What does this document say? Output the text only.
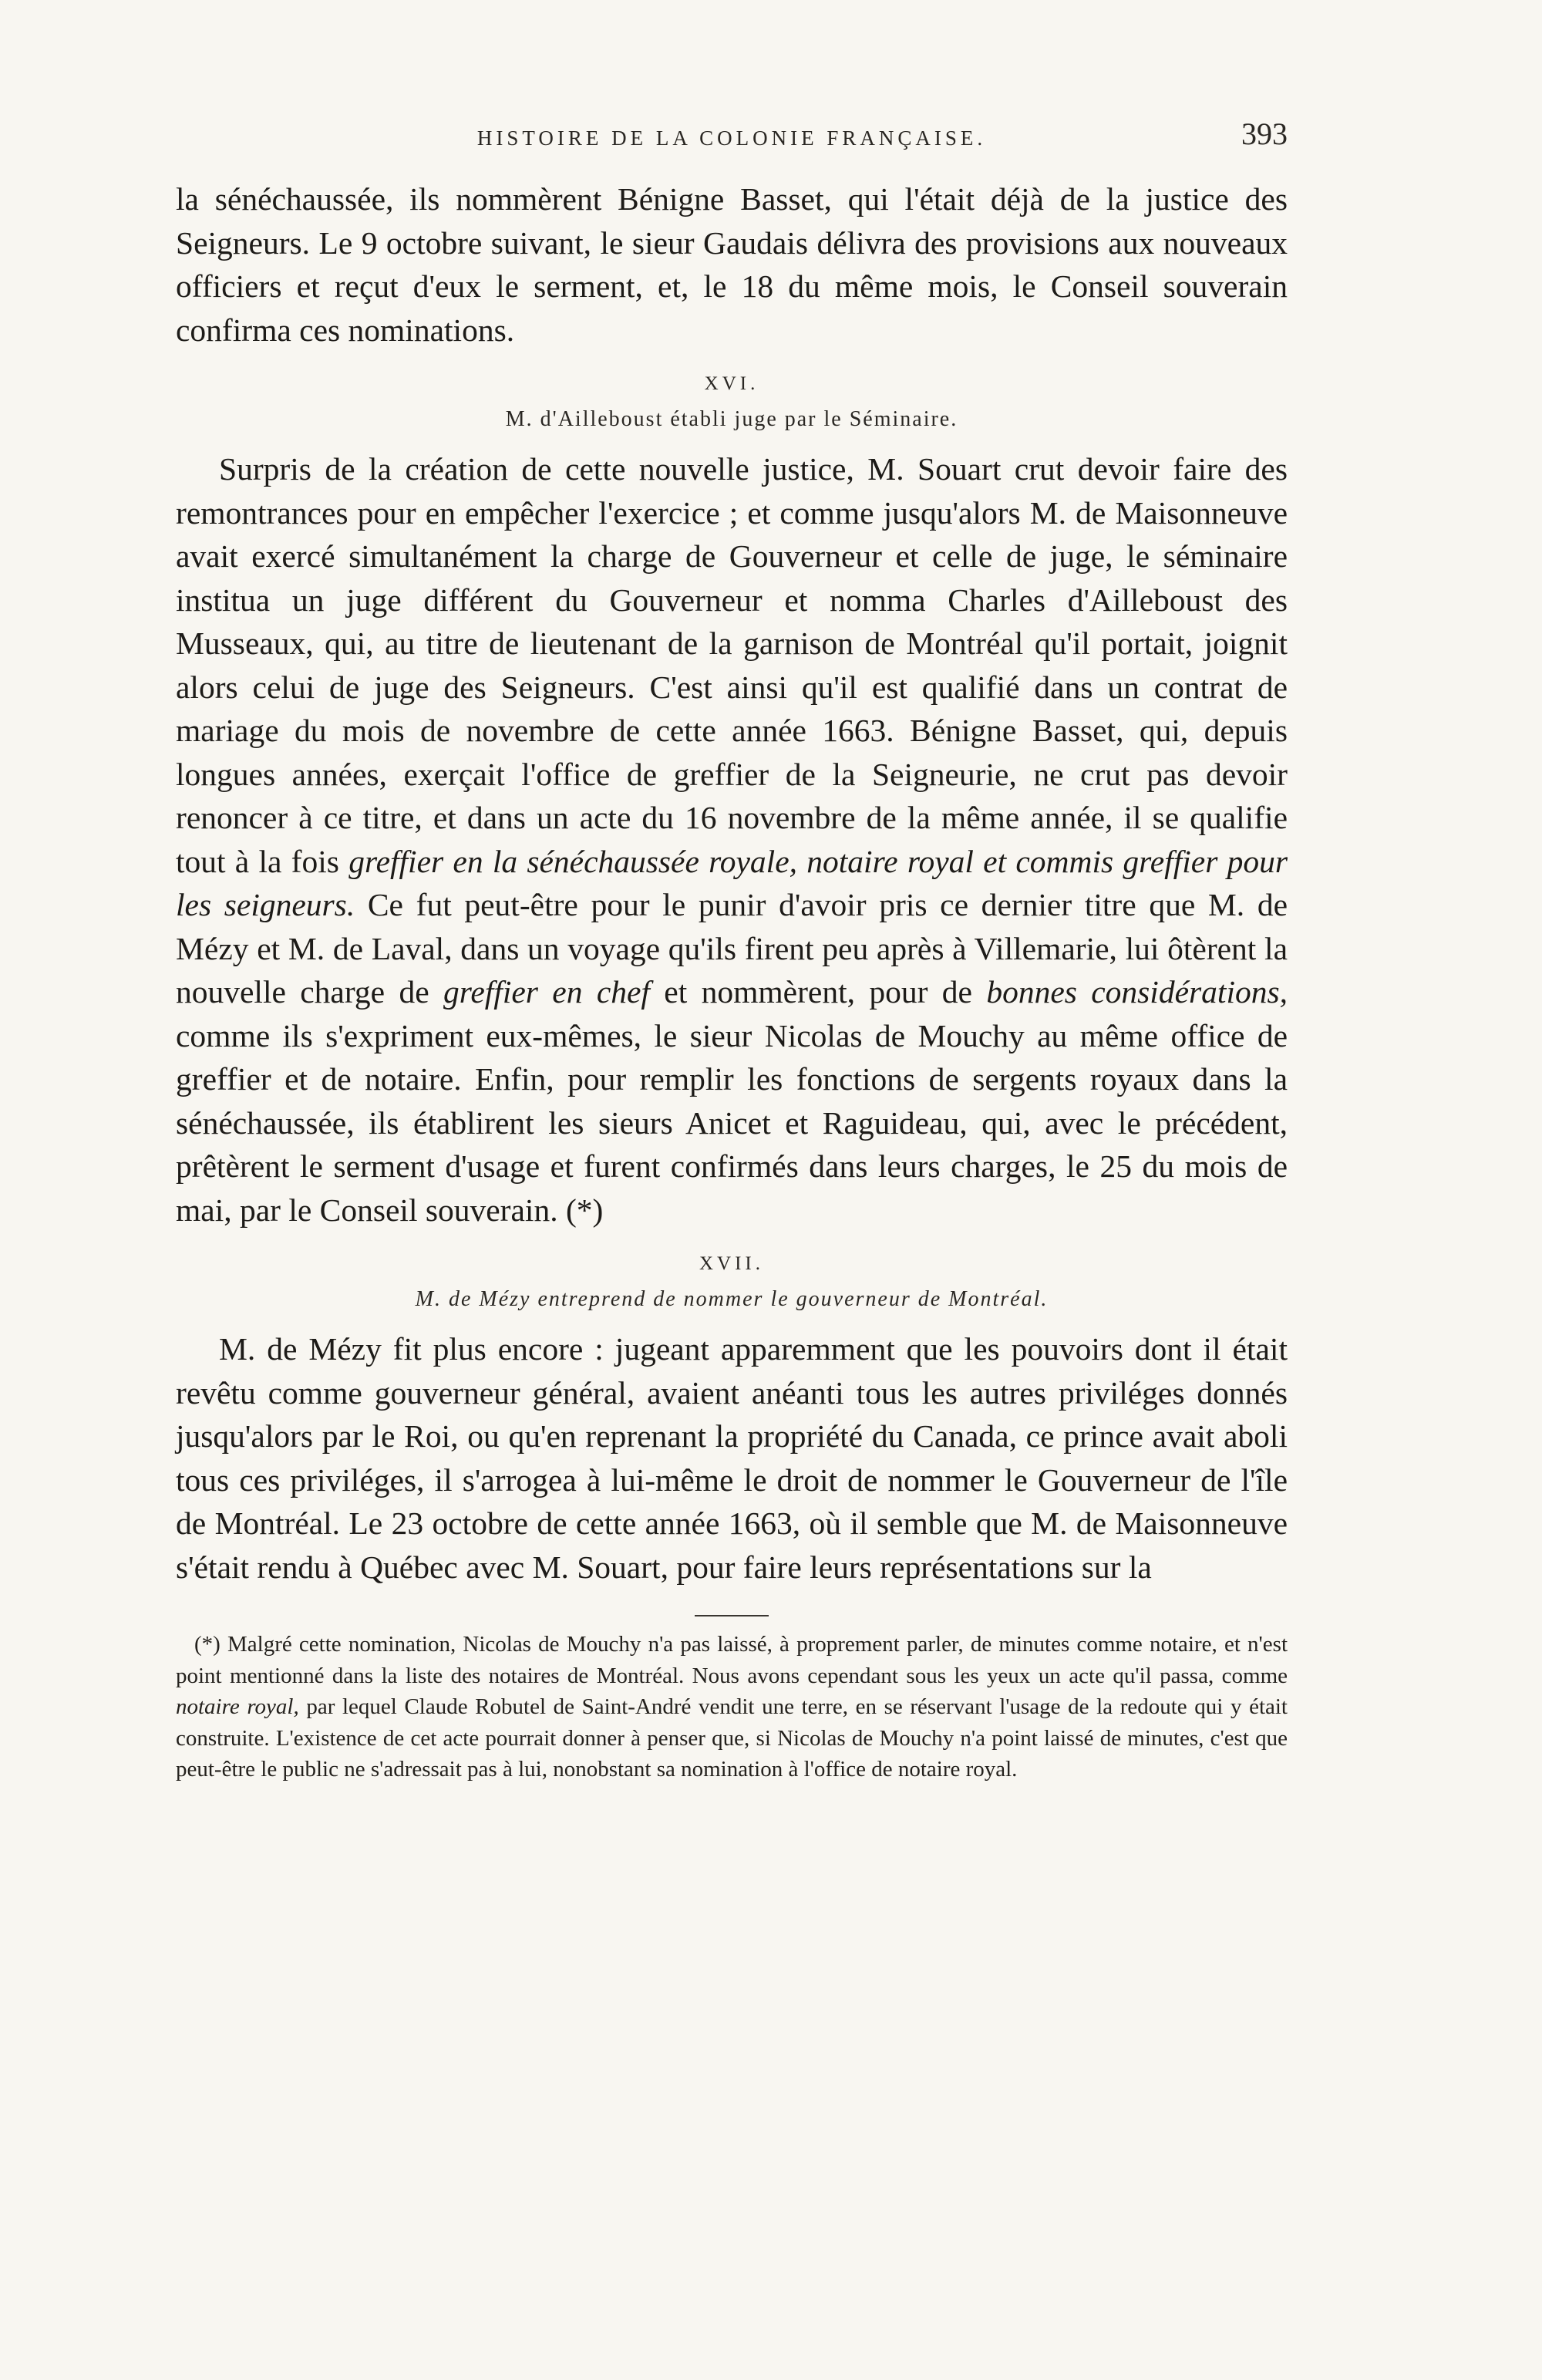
HISTOIRE DE LA COLONIE FRANÇAISE.	393

la sénéchaussée, ils nommèrent Bénigne Basset, qui l'était déjà de la justice des Seigneurs. Le 9 octobre suivant, le sieur Gaudais délivra des provisions aux nouveaux officiers et reçut d'eux le serment, et, le 18 du même mois, le Conseil souverain confirma ces nominations.

XVI.
M. d'Ailleboust établi juge par le Séminaire.

Surpris de la création de cette nouvelle justice, M. Souart crut devoir faire des remontrances pour en empêcher l'exercice ; et comme jusqu'alors M. de Maisonneuve avait exercé simultanément la charge de Gouverneur et celle de juge, le séminaire institua un juge différent du Gouverneur et nomma Charles d'Ailleboust des Musseaux, qui, au titre de lieutenant de la garnison de Montréal qu'il portait, joignit alors celui de juge des Seigneurs. C'est ainsi qu'il est qualifié dans un contrat de mariage du mois de novembre de cette année 1663. Bénigne Basset, qui, depuis longues années, exerçait l'office de greffier de la Seigneurie, ne crut pas devoir renoncer à ce titre, et dans un acte du 16 novembre de la même année, il se qualifie tout à la fois greffier en la sénéchaussée royale, notaire royal et commis greffier pour les seigneurs. Ce fut peut-être pour le punir d'avoir pris ce dernier titre que M. de Mézy et M. de Laval, dans un voyage qu'ils firent peu après à Villemarie, lui ôtèrent la nouvelle charge de greffier en chef et nommèrent, pour de bonnes considérations, comme ils s'expriment eux-mêmes, le sieur Nicolas de Mouchy au même office de greffier et de notaire. Enfin, pour remplir les fonctions de sergents royaux dans la sénéchaussée, ils établirent les sieurs Anicet et Raguideau, qui, avec le précédent, prêtèrent le serment d'usage et furent confirmés dans leurs charges, le 25 du mois de mai, par le Conseil souverain. (*)

XVII.
M. de Mézy entreprend de nommer le gouverneur de Montréal.

M. de Mézy fit plus encore : jugeant apparemment que les pouvoirs dont il était revêtu comme gouverneur général, avaient anéanti tous les autres priviléges donnés jusqu'alors par le Roi, ou qu'en reprenant la propriété du Canada, ce prince avait aboli tous ces priviléges, il s'arrogea à lui-même le droit de nommer le Gouverneur de l'île de Montréal. Le 23 octobre de cette année 1663, où il semble que M. de Maisonneuve s'était rendu à Québec avec M. Souart, pour faire leurs représentations sur la

(*) Malgré cette nomination, Nicolas de Mouchy n'a pas laissé, à proprement parler, de minutes comme notaire, et n'est point mentionné dans la liste des notaires de Montréal. Nous avons cependant sous les yeux un acte qu'il passa, comme notaire royal, par lequel Claude Robutel de Saint-André vendit une terre, en se réservant l'usage de la redoute qui y était construite. L'existence de cet acte pourrait donner à penser que, si Nicolas de Mouchy n'a point laissé de minutes, c'est que peut-être le public ne s'adressait pas à lui, nonobstant sa nomination à l'office de notaire royal.
